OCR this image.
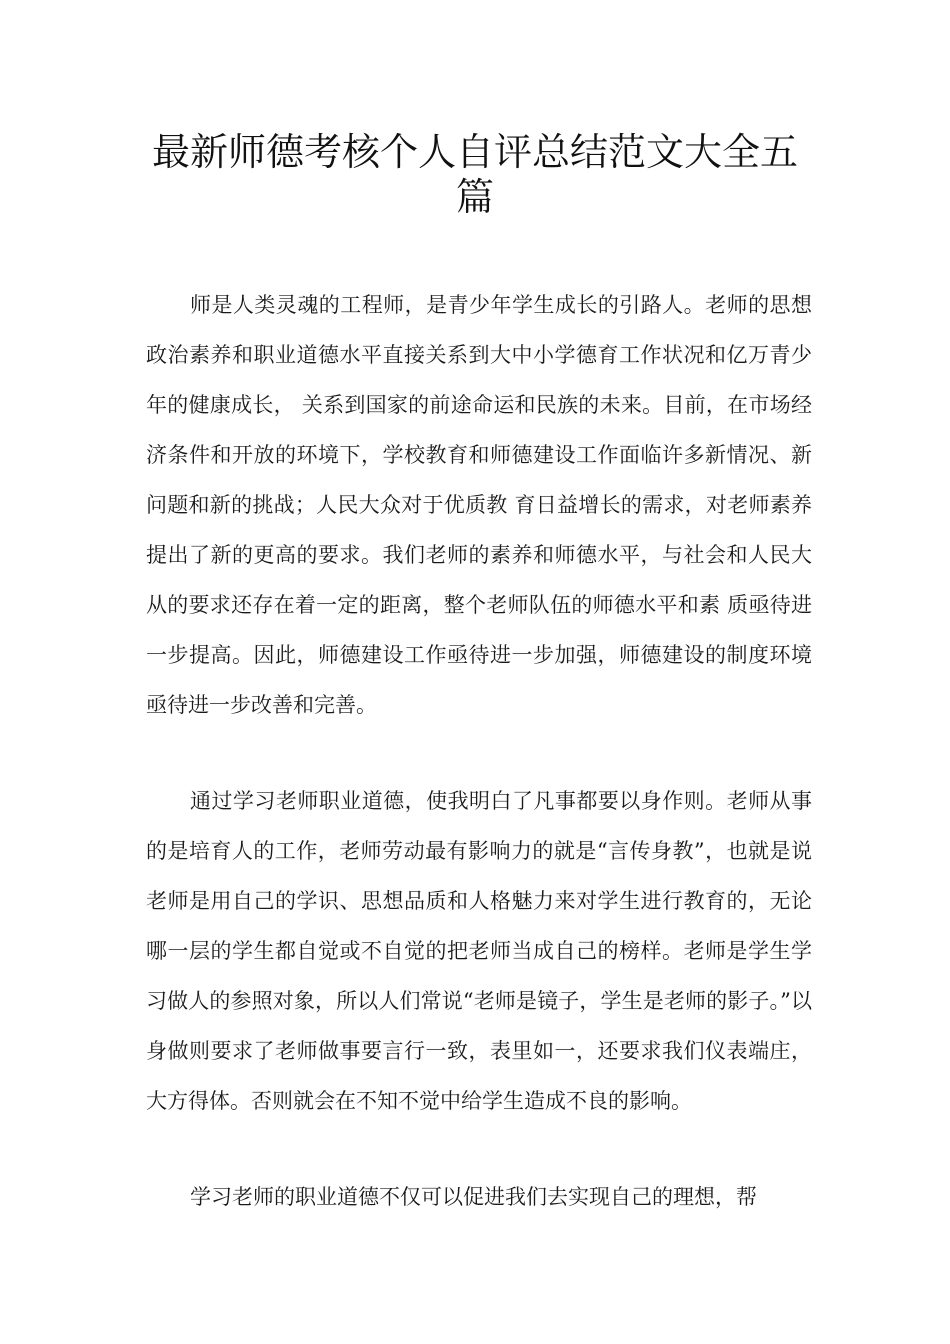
最新师德考核个人自评总结范文大全五篇

师是人类灵魂的工程师，是青少年学生成长的引路人。老师的思想政治素养和职业道德水平直接关系到大中小学德育工作状况和亿万青少年的健康成长， 关系到国家的前途命运和民族的未来。目前，在市场经济条件和开放的环境下，学校教育和师德建设工作面临许多新情况、新问题和新的挑战；人民大众对于优质教 育日益增长的需求，对老师素养提出了新的更高的要求。我们老师的素养和师德水平，与社会和人民大从的要求还存在着一定的距离，整个老师队伍的师德水平和素 质亟待进一步提高。因此，师德建设工作亟待进一步加强，师德建设的制度环境亟待进一步改善和完善。

通过学习老师职业道德，使我明白了凡事都要以身作则。老师从事的是培育人的工作，老师劳动最有影响力的就是“言传身教”，也就是说老师是用自己的学识、思想品质和人格魅力来对学生进行教育的，无论哪一层的学生都自觉或不自觉的把老师当成自己的榜样。老师是学生学习做人的参照对象，所以人们常说“老师是镜子，学生是老师的影子。”以身做则要求了老师做事要言行一致，表里如一，还要求我们仪表端庄，大方得体。否则就会在不知不觉中给学生造成不良的影响。

学习老师的职业道德不仅可以促进我们去实现自己的理想，帮
